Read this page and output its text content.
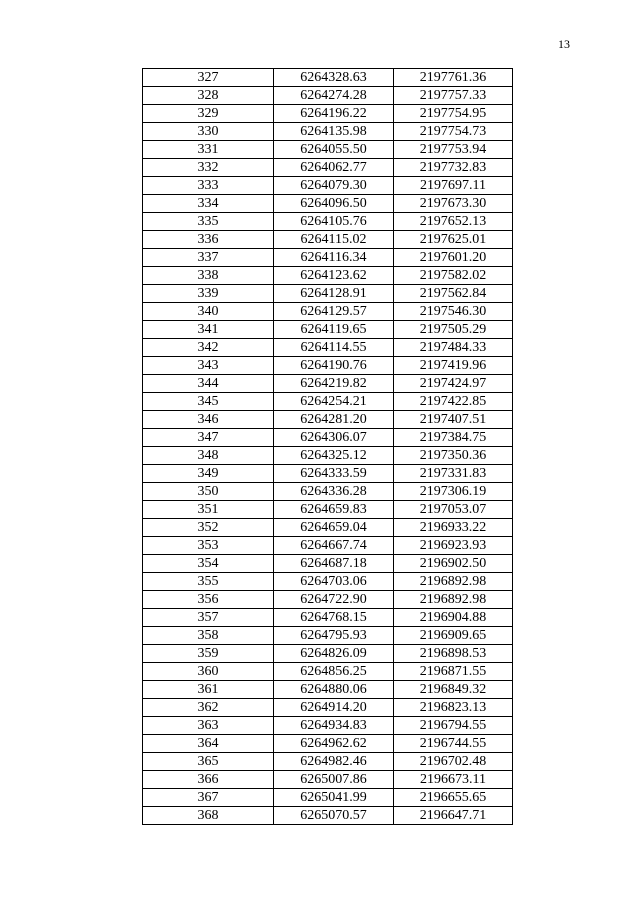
13
327	6264328.63	2197761.36
328	6264274.28	2197757.33
329	6264196.22	2197754.95
330	6264135.98	2197754.73
331	6264055.50	2197753.94
332	6264062.77	2197732.83
333	6264079.30	2197697.11
334	6264096.50	2197673.30
335	6264105.76	2197652.13
336	6264115.02	2197625.01
337	6264116.34	2197601.20
338	6264123.62	2197582.02
339	6264128.91	2197562.84
340	6264129.57	2197546.30
341	6264119.65	2197505.29
342	6264114.55	2197484.33
343	6264190.76	2197419.96
344	6264219.82	2197424.97
345	6264254.21	2197422.85
346	6264281.20	2197407.51
347	6264306.07	2197384.75
348	6264325.12	2197350.36
349	6264333.59	2197331.83
350	6264336.28	2197306.19
351	6264659.83	2197053.07
352	6264659.04	2196933.22
353	6264667.74	2196923.93
354	6264687.18	2196902.50
355	6264703.06	2196892.98
356	6264722.90	2196892.98
357	6264768.15	2196904.88
358	6264795.93	2196909.65
359	6264826.09	2196898.53
360	6264856.25	2196871.55
361	6264880.06	2196849.32
362	6264914.20	2196823.13
363	6264934.83	2196794.55
364	6264962.62	2196744.55
365	6264982.46	2196702.48
366	6265007.86	2196673.11
367	6265041.99	2196655.65
368	6265070.57	2196647.71
